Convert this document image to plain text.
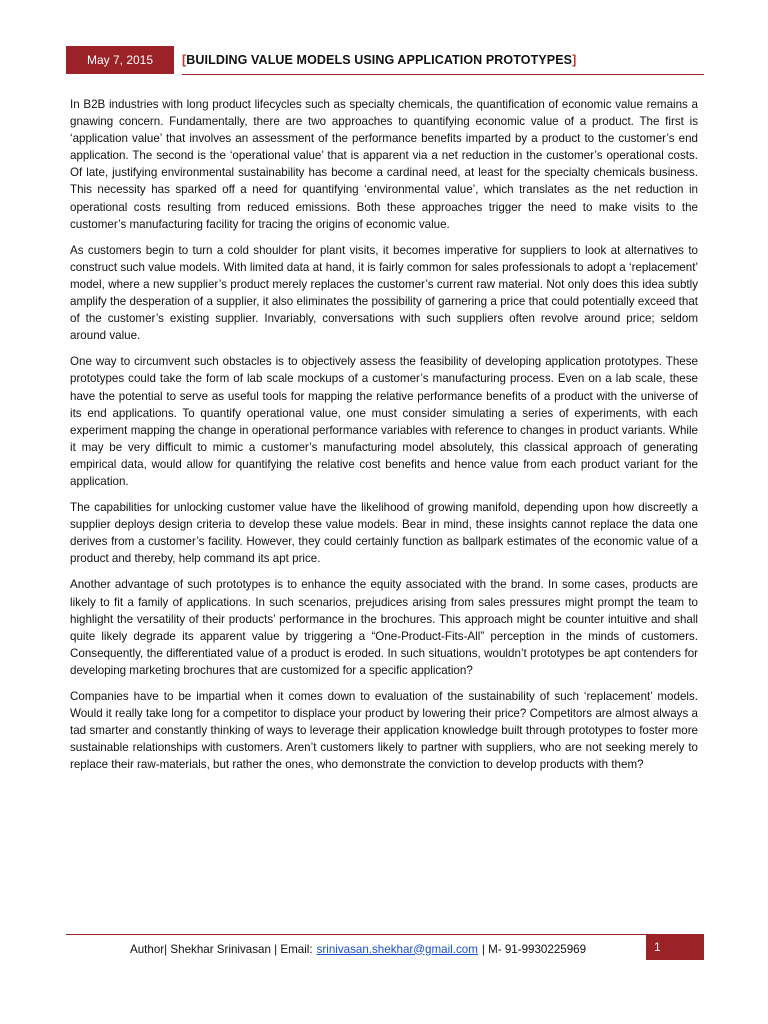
May 7, 2015	[ BUILDING VALUE MODELS USING APPLICATION PROTOTYPES ]

In B2B industries with long product lifecycles such as specialty chemicals, the quantification of economic value remains a gnawing concern. Fundamentally, there are two approaches to quantifying economic value of a product. The first is ‘application value’ that involves an assessment of the performance benefits imparted by a product to the customer’s end application. The second is the ‘operational value’ that is apparent via a net reduction in the customer’s operational costs. Of late, justifying environmental sustainability has become a cardinal need, at least for the specialty chemicals business. This necessity has sparked off a need for quantifying ‘environmental value’, which translates as the net reduction in operational costs resulting from reduced emissions. Both these approaches trigger the need to make visits to the customer’s manufacturing facility for tracing the origins of economic value.

As customers begin to turn a cold shoulder for plant visits, it becomes imperative for suppliers to look at alternatives to construct such value models. With limited data at hand, it is fairly common for sales professionals to adopt a ‘replacement’ model, where a new supplier’s product merely replaces the customer’s current raw material. Not only does this idea subtly amplify the desperation of a supplier, it also eliminates the possibility of garnering a price that could potentially exceed that of the customer’s existing supplier. Invariably, conversations with such suppliers often revolve around price; seldom around value.

One way to circumvent such obstacles is to objectively assess the feasibility of developing application prototypes. These prototypes could take the form of lab scale mockups of a customer’s manufacturing process. Even on a lab scale, these have the potential to serve as useful tools for mapping the relative performance benefits of a product with the universe of its end applications. To quantify operational value, one must consider simulating a series of experiments, with each experiment mapping the change in operational performance variables with reference to changes in product variants. While it may be very difficult to mimic a customer’s manufacturing model absolutely, this classical approach of generating empirical data, would allow for quantifying the relative cost benefits and hence value from each product variant for the application.

The capabilities for unlocking customer value have the likelihood of growing manifold, depending upon how discreetly a supplier deploys design criteria to develop these value models. Bear in mind, these insights cannot replace the data one derives from a customer’s facility. However, they could certainly function as ballpark estimates of the economic value of a product and thereby, help command its apt price.

Another advantage of such prototypes is to enhance the equity associated with the brand. In some cases, products are likely to fit a family of applications. In such scenarios, prejudices arising from sales pressures might prompt the team to highlight the versatility of their products’ performance in the brochures. This approach might be counter intuitive and shall quite likely degrade its apparent value by triggering a “One-Product-Fits-All” perception in the minds of customers. Consequently, the differentiated value of a product is eroded. In such situations, wouldn’t prototypes be apt contenders for developing marketing brochures that are customized for a specific application?

Companies have to be impartial when it comes down to evaluation of the sustainability of such ‘replacement’ models. Would it really take long for a competitor to displace your product by lowering their price? Competitors are almost always a tad smarter and constantly thinking of ways to leverage their application knowledge built through prototypes to foster more sustainable relationships with customers. Aren’t customers likely to partner with suppliers, who are not seeking merely to replace their raw-materials, but rather the ones, who demonstrate the conviction to develop products with them?

Author| Shekhar Srinivasan | Email: srinivasan.shekhar@gmail.com | M- 91-9930225969	1
